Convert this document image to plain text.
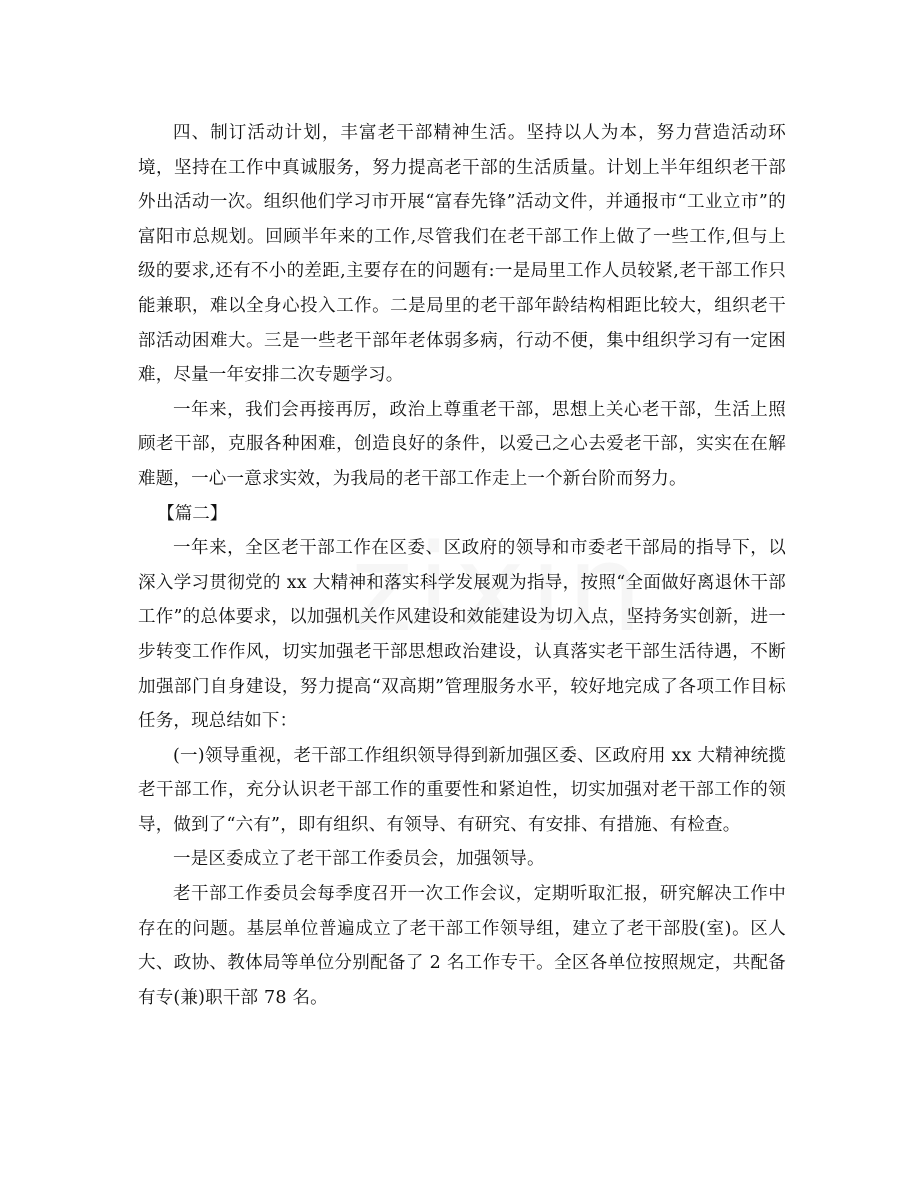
四、制订活动计划，丰富老干部精神生活。坚持以人为本，努力营造活动环境，坚持在工作中真诚服务，努力提高老干部的生活质量。计划上半年组织老干部外出活动一次。组织他们学习市开展“富春先锋”活动文件，并通报市“工业立市”的富阳市总规划。回顾半年来的工作,尽管我们在老干部工作上做了一些工作,但与上级的要求,还有不小的差距,主要存在的问题有:一是局里工作人员较紧,老干部工作只能兼职，难以全身心投入工作。二是局里的老干部年龄结构相距比较大，组织老干部活动困难大。三是一些老干部年老体弱多病，行动不便，集中组织学习有一定困难，尽量一年安排二次专题学习。

一年来，我们会再接再厉，政治上尊重老干部，思想上关心老干部，生活上照顾老干部，克服各种困难，创造良好的条件，以爱己之心去爱老干部，实实在在解难题，一心一意求实效，为我局的老干部工作走上一个新台阶而努力。

【篇二】

一年来，全区老干部工作在区委、区政府的领导和市委老干部局的指导下，以深入学习贯彻党的 xx 大精神和落实科学发展观为指导，按照“全面做好离退休干部工作”的总体要求，以加强机关作风建设和效能建设为切入点，坚持务实创新，进一步转变工作作风，切实加强老干部思想政治建设，认真落实老干部生活待遇，不断加强部门自身建设，努力提高“双高期”管理服务水平，较好地完成了各项工作目标任务，现总结如下：

(一)领导重视，老干部工作组织领导得到新加强区委、区政府用 xx 大精神统揽老干部工作，充分认识老干部工作的重要性和紧迫性，切实加强对老干部工作的领导，做到了“六有”，即有组织、有领导、有研究、有安排、有措施、有检查。

一是区委成立了老干部工作委员会，加强领导。

老干部工作委员会每季度召开一次工作会议，定期听取汇报，研究解决工作中存在的问题。基层单位普遍成立了老干部工作领导组，建立了老干部股(室)。区人大、政协、教体局等单位分别配备了 2 名工作专干。全区各单位按照规定，共配备有专(兼)职干部 78 名。
